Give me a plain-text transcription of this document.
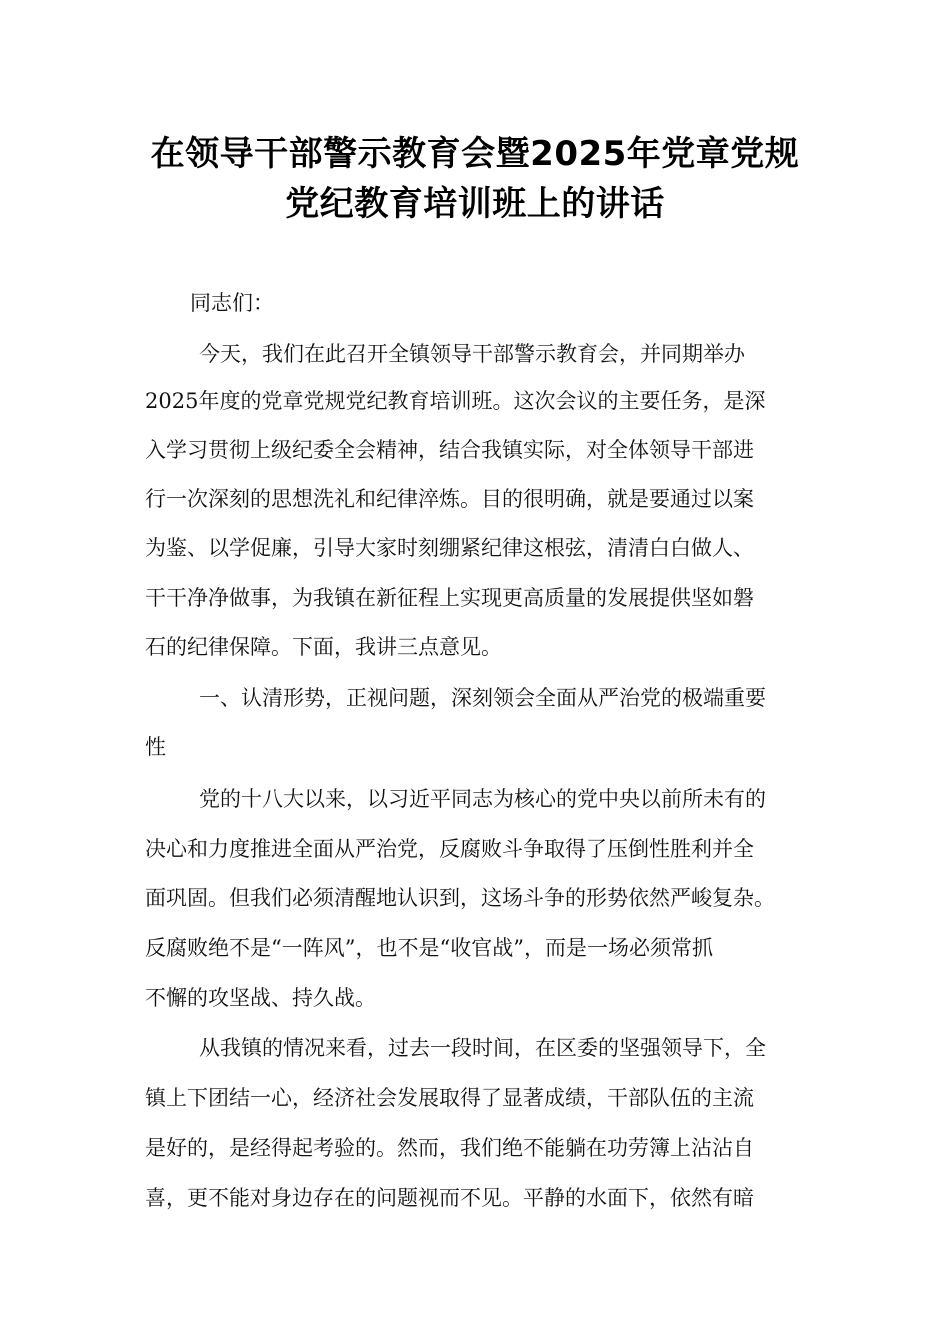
在领导干部警示教育会暨2025年党章党规
党纪教育培训班上的讲话
同志们：
今天，我们在此召开全镇领导干部警示教育会，并同期举办
2025年度的党章党规党纪教育培训班。这次会议的主要任务，是深
入学习贯彻上级纪委全会精神，结合我镇实际，对全体领导干部进
行一次深刻的思想洗礼和纪律淬炼。目的很明确，就是要通过以案
为鉴、以学促廉，引导大家时刻绷紧纪律这根弦，清清白白做人、
干干净净做事，为我镇在新征程上实现更高质量的发展提供坚如磐
石的纪律保障。下面，我讲三点意见。
一、认清形势，正视问题，深刻领会全面从严治党的极端重要
性
党的十八大以来，以习近平同志为核心的党中央以前所未有的
决心和力度推进全面从严治党，反腐败斗争取得了压倒性胜利并全
面巩固。但我们必须清醒地认识到，这场斗争的形势依然严峻复杂。
反腐败绝不是“一阵风”，也不是“收官战”，而是一场必须常抓
不懈的攻坚战、持久战。
从我镇的情况来看，过去一段时间，在区委的坚强领导下，全
镇上下团结一心，经济社会发展取得了显著成绩，干部队伍的主流
是好的，是经得起考验的。然而，我们绝不能躺在功劳簿上沾沾自
喜，更不能对身边存在的问题视而不见。平静的水面下，依然有暗
